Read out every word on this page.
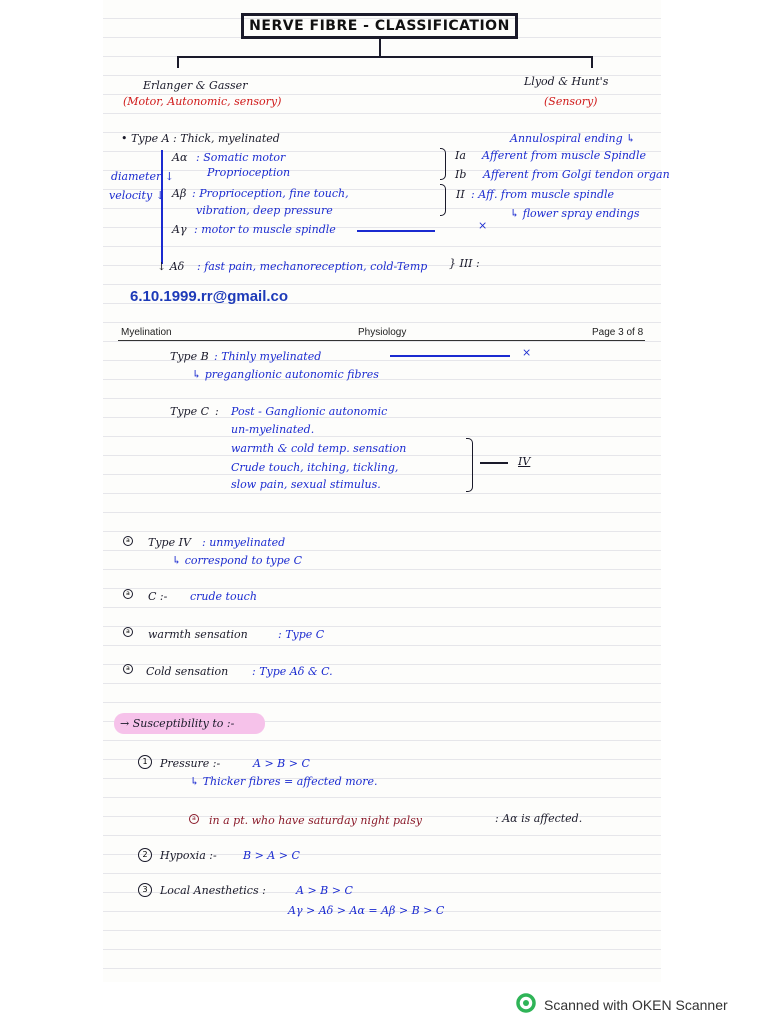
NERVE FIBRE - CLASSIFICATION
Erlanger & Gasser
(Motor, Autonomic, sensory)
Llyod & Hunt's
(Sensory)
• Type A : Thick, myelinated
Aα : Somatic motor
Proprioception
diameter ↓
velocity ↓ Aβ : Proprioception, fine touch,
vibration, deep pressure
Aγ : motor to muscle spindle
↓ Aδ : fast pain, mechanoreception, cold-Temp } III :
Annulospiral ending ↳
Ia Afferent from muscle Spindle
Ib Afferent from Golgi tendon organ
II : Aff. from muscle spindle
↳ flower spray endings
×
6.10.1999.rr@gmail.co
Myelination	Physiology	Page 3 of 8
Type B : Thinly myelinated	×
↳ preganglionic autonomic fibres
Type C : Post - Ganglionic autonomic
un-myelinated.
warmth & cold temp. sensation
Crude touch, itching, tickling,
slow pain, sexual stimulus.
IV
a Type IV : unmyelinated
↳ correspond to type C
a C :- crude touch
a warmth sensation	: Type C
a Cold sensation : Type Aδ & C.
→ Susceptibility to :-
1	Pressure :-	A > B > C
↳ Thicker fibres = affected more.
a in a pt. who have saturday night palsy	: Aα is affected.
2	Hypoxia :- B > A > C
3	Local Anesthetics :	A > B > C
Aγ > Aδ > Aα = Aβ > B > C
Scanned with OKEN Scanner
